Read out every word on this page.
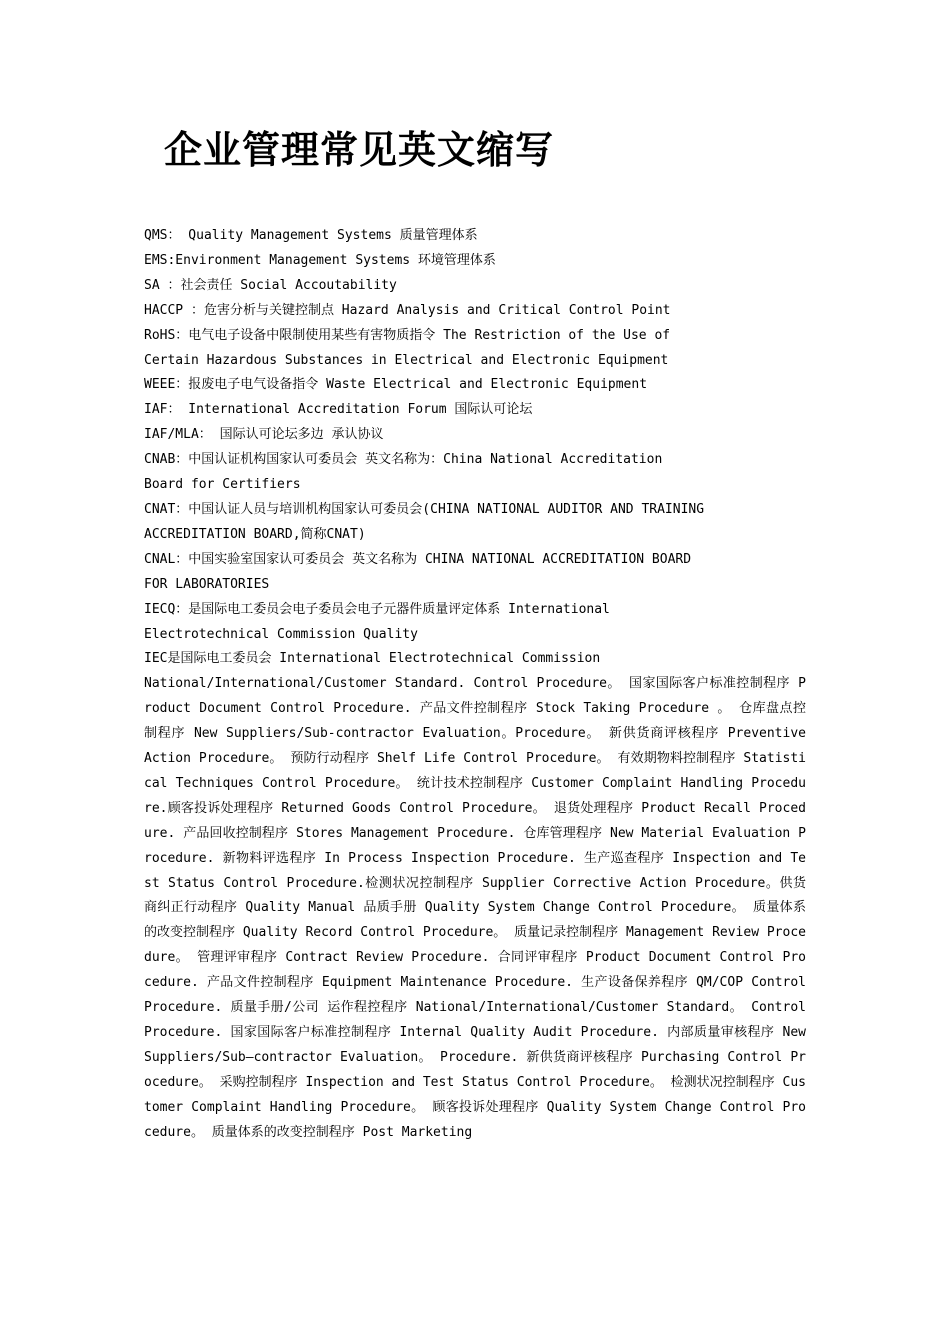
企业管理常见英文缩写

QMS： Quality Management Systems 质量管理体系

EMS:Environment Management Systems 环境管理体系

SA ：社会责任 Social Accoutability

HACCP ：危害分析与关键控制点 Hazard Analysis and Critical Control Point

RoHS：电气电子设备中限制使用某些有害物质指令 The Restriction of the Use of

Certain Hazardous Substances in Electrical and Electronic Equipment

WEEE：报废电子电气设备指令 Waste Electrical and Electronic Equipment

IAF： International Accreditation Forum 国际认可论坛

IAF/MLA： 国际认可论坛多边 承认协议

CNAB：中国认证机构国家认可委员会 英文名称为：China National Accreditation

Board for Certifiers

CNAT：中国认证人员与培训机构国家认可委员会(CHINA NATIONAL AUDITOR AND TRAINING

ACCREDITATION BOARD,简称CNAT)

CNAL：中国实验室国家认可委员会 英文名称为 CHINA NATIONAL ACCREDITATION BOARD

FOR LABORATORIES

IECQ：是国际电工委员会电子委员会电子元器件质量评定体系 International

Electrotechnical Commission Quality

IEC是国际电工委员会 International Electrotechnical Commission

National/International/Customer Standard. Control Procedure。 国家国际客户标准控制程序 Product Document Control Procedure. 产品文件控制程序 Stock Taking Procedure 。 仓库盘点控制程序 New Suppliers/Sub-contractor Evaluation。Procedure。 新供货商评核程序 Preventive Action Procedure。 预防行动程序 Shelf Life Control Procedure。 有效期物料控制程序 Statistical Techniques Control Procedure。 统计技术控制程序 Customer Complaint Handling Procedure.顾客投诉处理程序 Returned Goods Control Procedure。 退货处理程序 Product Recall Procedure. 产品回收控制程序 Stores Management Procedure. 仓库管理程序 New Material Evaluation Procedure. 新物料评选程序 In Process Inspection Procedure. 生产巡查程序 Inspection and Test Status Control Procedure.检测状况控制程序 Supplier Corrective Action Procedure。供货商纠正行动程序 Quality Manual 品质手册 Quality System Change Control Procedure。 质量体系的改变控制程序 Quality Record Control Procedure。 质量记录控制程序 Management Review Procedure。 管理评审程序 Contract Review Procedure. 合同评审程序 Product Document Control Procedure. 产品文件控制程序 Equipment Maintenance Procedure. 生产设备保养程序 QM/COP Control Procedure. 质量手册/公司 运作程控程序 National/International/Customer Standard。 Control Procedure. 国家国际客户标准控制程序 Internal Quality Audit Procedure. 内部质量审核程序 New Suppliers/Sub—contractor Evaluation。 Procedure. 新供货商评核程序 Purchasing Control Procedure。 采购控制程序 Inspection and Test Status Control Procedure。 检测状况控制程序 Customer Complaint Handling Procedure。 顾客投诉处理程序 Quality System Change Control Procedure。 质量体系的改变控制程序 Post Marketing
